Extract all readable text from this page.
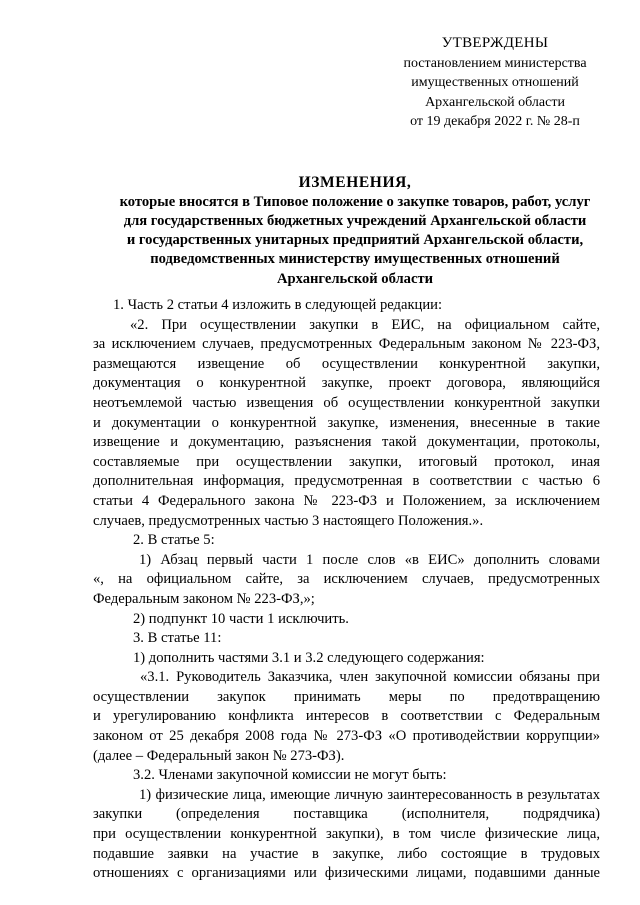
УТВЕРЖДЕНЫ
постановлением министерства
имущественных отношений
Архангельской области
от 19 декабря 2022 г. № 28-п
ИЗМЕНЕНИЯ,
которые вносятся в Типовое положение о закупке товаров, работ, услуг
для государственных бюджетных учреждений Архангельской области
и государственных унитарных предприятий Архангельской области,
подведомственных министерству имущественных отношений
Архангельской области

1. Часть 2 статьи 4 изложить в следующей редакции:

«2. При осуществлении закупки в ЕИС, на официальном сайте,

за исключением случаев, предусмотренных Федеральным законом № 223-ФЗ,

размещаются извещение об осуществлении конкурентной закупки,

документация о конкурентной закупке, проект договора, являющийся

неотъемлемой частью извещения об осуществлении конкурентной закупки

и документации о конкурентной закупке, изменения, внесенные в такие

извещение и документацию, разъяснения такой документации, протоколы,

составляемые при осуществлении закупки, итоговый протокол, иная

дополнительная информация, предусмотренная в соответствии с частью 6

статьи 4 Федерального закона № 223-ФЗ и Положением, за исключением

случаев, предусмотренных частью 3 настоящего Положения.».

2. В статье 5:

1) Абзац первый части 1 после слов «в ЕИС» дополнить словами

«, на официальном сайте, за исключением случаев, предусмотренных

Федеральным законом № 223-ФЗ,»;

2) подпункт 10 части 1 исключить.

3. В статье 11:

1) дополнить частями 3.1 и 3.2 следующего содержания:

«3.1. Руководитель Заказчика, член закупочной комиссии обязаны при

осуществлении закупок принимать меры по предотвращению

и урегулированию конфликта интересов в соответствии с Федеральным

законом от 25 декабря 2008 года № 273-ФЗ «О противодействии коррупции»

(далее – Федеральный закон № 273-ФЗ).

3.2. Членами закупочной комиссии не могут быть:

1) физические лица, имеющие личную заинтересованность в результатах

закупки (определения поставщика (исполнителя, подрядчика)

при осуществлении конкурентной закупки), в том числе физические лица,

подавшие заявки на участие в закупке, либо состоящие в трудовых

отношениях с организациями или физическими лицами, подавшими данные
